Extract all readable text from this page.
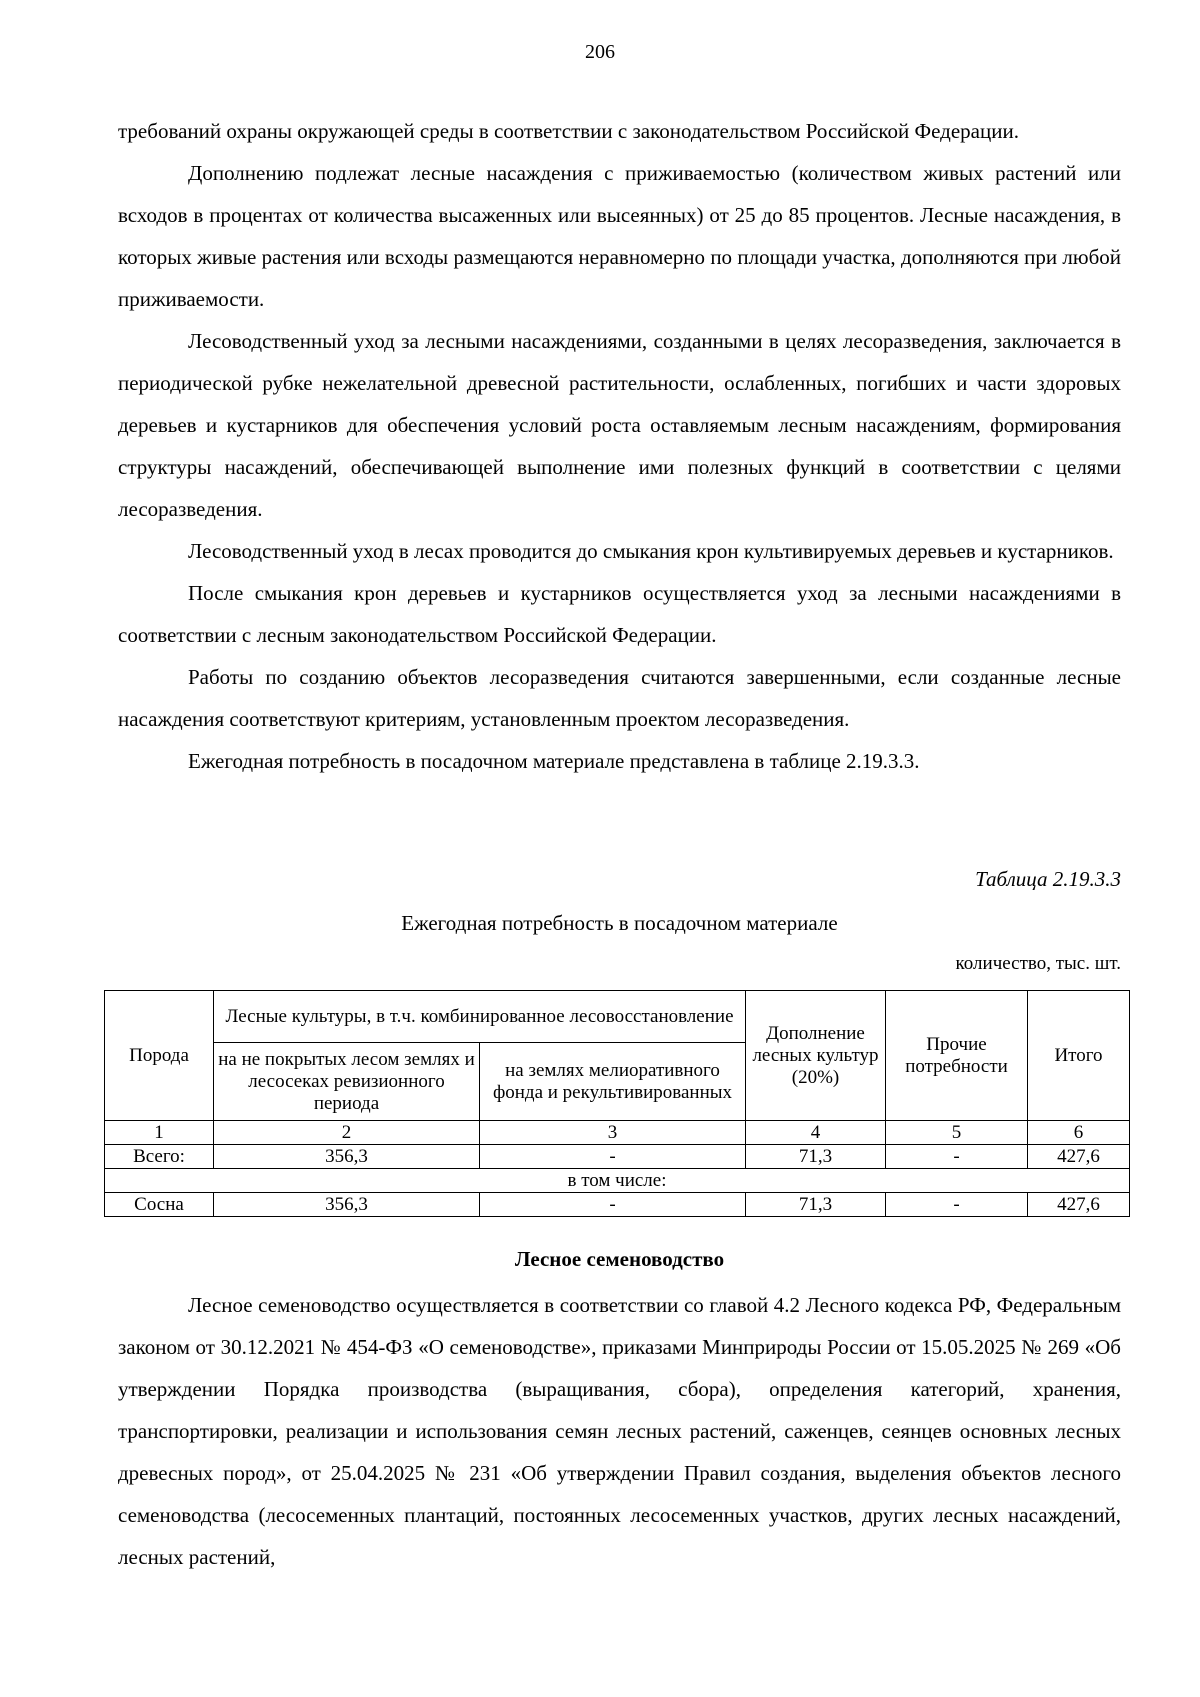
206

требований охраны окружающей среды в соответствии с законодательством Российской Федерации.

Дополнению подлежат лесные насаждения с приживаемостью (количеством живых растений или всходов в процентах от количества высаженных или высеянных) от 25 до 85 процентов. Лесные насаждения, в которых живые растения или всходы размещаются неравномерно по площади участка, дополняются при любой приживаемости.

Лесоводственный уход за лесными насаждениями, созданными в целях лесоразведения, заключается в периодической рубке нежелательной древесной растительности, ослабленных, погибших и части здоровых деревьев и кустарников для обеспечения условий роста оставляемым лесным насаждениям, формирования структуры насаждений, обеспечивающей выполнение ими полезных функций в соответствии с целями лесоразведения.

Лесоводственный уход в лесах проводится до смыкания крон культивируемых деревьев и кустарников.

После смыкания крон деревьев и кустарников осуществляется уход за лесными насаждениями в соответствии с лесным законодательством Российской Федерации.

Работы по созданию объектов лесоразведения считаются завершенными, если созданные лесные насаждения соответствуют критериям, установленным проектом лесоразведения.

Ежегодная потребность в посадочном материале представлена в таблице 2.19.3.3.

Таблица 2.19.3.3
Ежегодная потребность в посадочном материале
количество, тыс. шт.
Порода	Лесные культуры, в т.ч. комбинированное лесовосстановление		Дополнение лесных культур (20%)	Прочие потребности	Итого
	на не покрытых лесом землях и лесосеках ревизионного периода	на землях мелиоративного фонда и рекультивированных			
1	2	3	4	5	6
Всего:	356,3	-	71,3	-	427,6
в том числе:					
Сосна	356,3	-	71,3	-	427,6
Лесное семеноводство

Лесное семеноводство осуществляется в соответствии со главой 4.2 Лесного кодекса РФ, Федеральным законом от 30.12.2021 № 454-ФЗ «О семеноводстве», приказами Минприроды России от 15.05.2025 № 269 «Об утверждении Порядка производства (выращивания, сбора), определения категорий, хранения, транспортировки, реализации и использования семян лесных растений, саженцев, сеянцев основных лесных древесных пород», от 25.04.2025 № 231 «Об утверждении Правил создания, выделения объектов лесного семеноводства (лесосеменных плантаций, постоянных лесосеменных участков, других лесных насаждений, лесных растений,
